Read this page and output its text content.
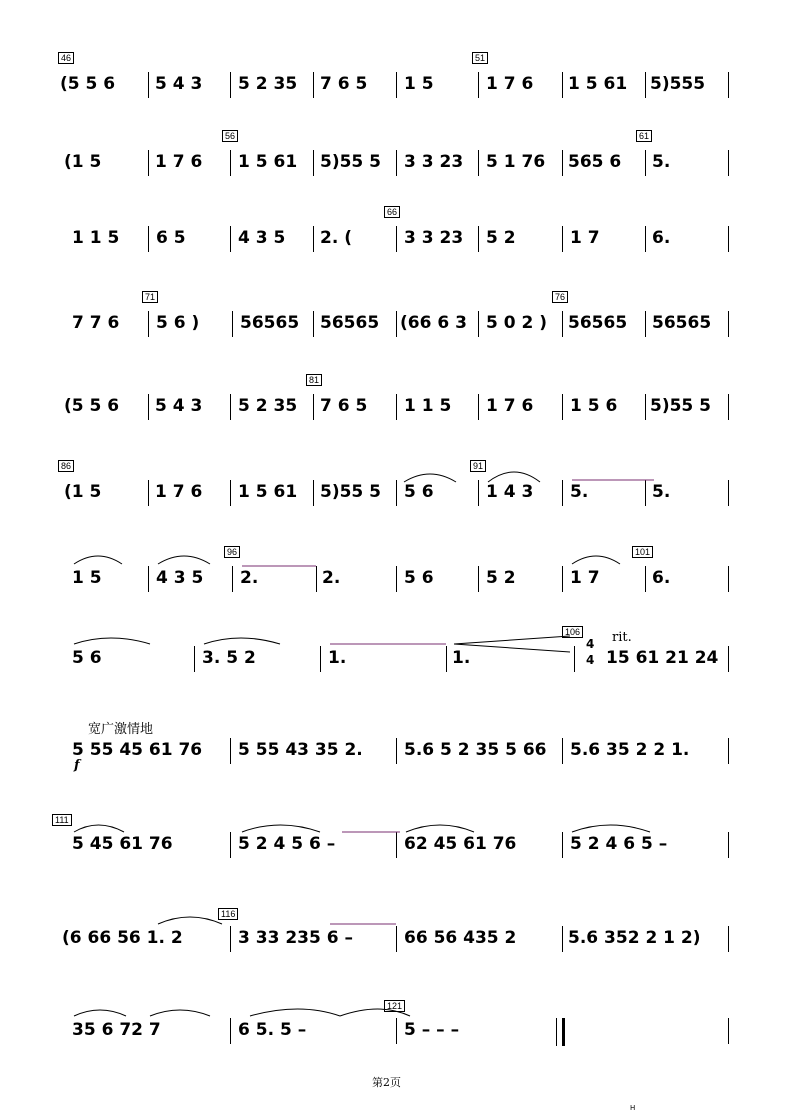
46	51
(5 5 6 5 4 3 5 2 35 7 6 5 1 5	1 7 6 1 5 61 5)555
56	61
(1 5	1 7 6 1 5 61 5)55 5 3 3 23 5 1 76 565 6 5.
66
1 1 5 6 5	4 3 5 2. (	3 3 23 5 2	1 7	6.
71	76
7 7 6 5 6 ) 56565 56565 (66 6 3 5 0 2 ) 56565 56565
81
(5 5 6 5 4 3 5 2 35 7 6 5 1 1 5 1 7 6 1 5 6 5)55 5
86	91
(1 5	1 7 6 1 5 61 5)55 5 5 6	1 4 3 5.	5.
96	101
1 5	4 3 5 2.	2.	5 6	5 2	1 7	6.
106
5 6	3. 5 2	1.	1.
4
4
rit.
15 61 21 24
宽广激情地
5 55 45 61 76
f
5 55 43 35 2. 5.6 5 2 35 5 66 5.6 35 2 2 1.
111
5 45 61 76	5 2 4 5 6 –	62 45 61 76	5 2 4 6 5 –
116
(6 66 56 1. 2	3 33 235 6 –	66 56 435 2	5.6 352 2 1 2)
121
35 6 72 7	6 5. 5 –	5 – – –
第2页
H
